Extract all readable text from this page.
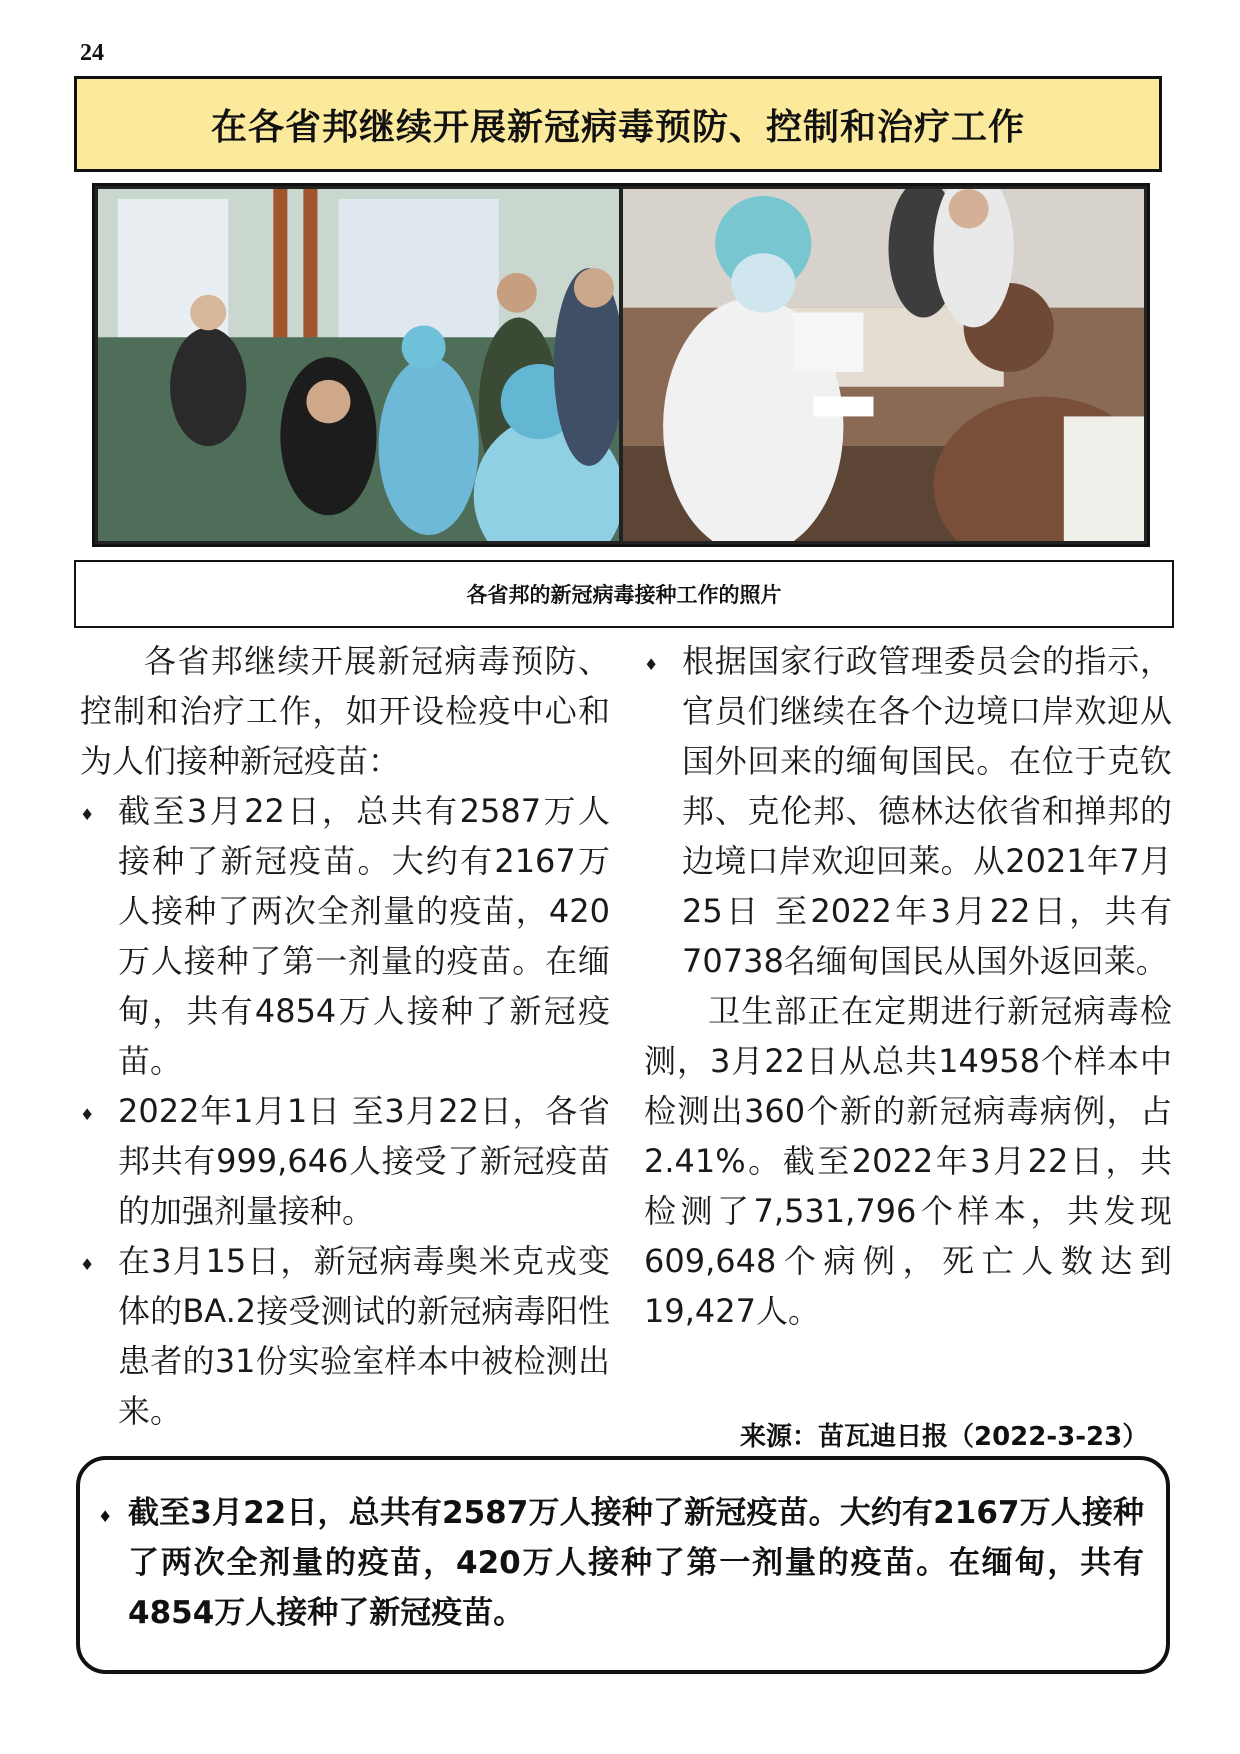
24
在各省邦继续开展新冠病毒预防、控制和治疗工作
各省邦的新冠病毒接种工作的照片

各省邦继续开展新冠病毒预防、控制和治疗工作，如开设检疫中心和为人们接种新冠疫苗：

♦ 截至3月22日，总共有2587万人接种了新冠疫苗。大约有2167万人接种了两次全剂量的疫苗，420万人接种了第一剂量的疫苗。在缅甸，共有4854万人接种了新冠疫苗。
♦ 2022年1月1日 至3月22日，各省邦共有999,646人接受了新冠疫苗的加强剂量接种。
♦ 在3月15日，新冠病毒奥米克戎变体的BA.2接受测试的新冠病毒阳性患者的31份实验室样本中被检测出来。
♦ 根据国家行政管理委员会的指示，官员们继续在各个边境口岸欢迎从国外回来的缅甸国民。在位于克钦邦、克伦邦、德林达依省和掸邦的边境口岸欢迎回莱。从2021年7月25日 至2022年3月22日，共有70738名缅甸国民从国外返回莱。

卫生部正在定期进行新冠病毒检测，3月22日从总共14958个样本中检测出360个新的新冠病毒病例，占2.41%。截至2022年3月22日，共检测了7,531,796个样本，共发现609,648个病例，死亡人数达到19,427人。

来源：苗瓦迪日报（2022-3-23）
♦ 截至3月22日，总共有2587万人接种了新冠疫苗。大约有2167万人接种了两次全剂量的疫苗，420万人接种了第一剂量的疫苗。在缅甸，共有4854万人接种了新冠疫苗。
